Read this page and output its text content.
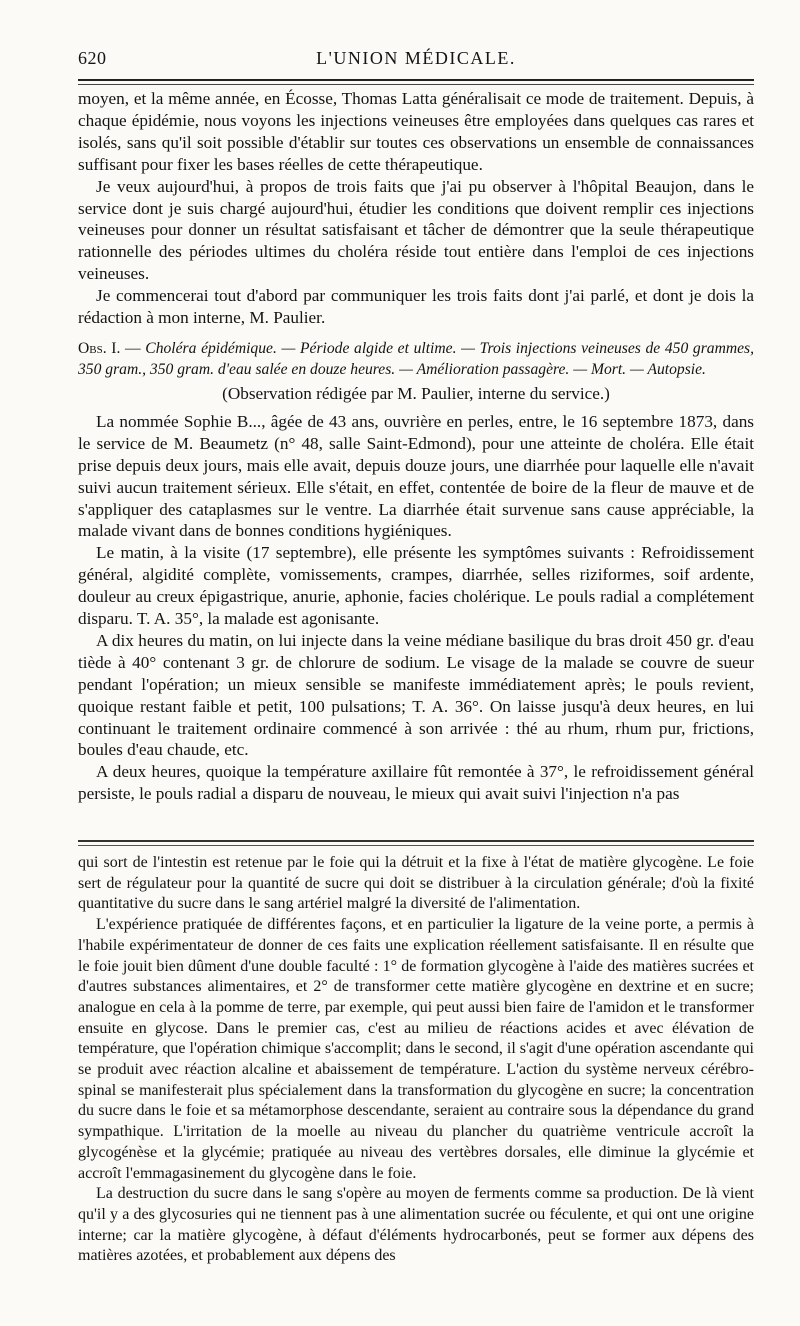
620	L'UNION MÉDICALE.

moyen, et la même année, en Écosse, Thomas Latta généralisait ce mode de traitement. Depuis, à chaque épidémie, nous voyons les injections veineuses être employées dans quelques cas rares et isolés, sans qu'il soit possible d'établir sur toutes ces observations un ensemble de connaissances suffisant pour fixer les bases réelles de cette thérapeutique.

Je veux aujourd'hui, à propos de trois faits que j'ai pu observer à l'hôpital Beaujon, dans le service dont je suis chargé aujourd'hui, étudier les conditions que doivent remplir ces injections veineuses pour donner un résultat satisfaisant et tâcher de démontrer que la seule thérapeutique rationnelle des périodes ultimes du choléra réside tout entière dans l'emploi de ces injections veineuses.

Je commencerai tout d'abord par communiquer les trois faits dont j'ai parlé, et dont je dois la rédaction à mon interne, M. Paulier.

Obs. I. — Choléra épidémique. — Période algide et ultime. — Trois injections veineuses de 450 grammes, 350 gram., 350 gram. d'eau salée en douze heures. — Amélioration passagère. — Mort. — Autopsie.

(Observation rédigée par M. Paulier, interne du service.)

La nommée Sophie B..., âgée de 43 ans, ouvrière en perles, entre, le 16 septembre 1873, dans le service de M. Beaumetz (n° 48, salle Saint-Edmond), pour une atteinte de choléra. Elle était prise depuis deux jours, mais elle avait, depuis douze jours, une diarrhée pour laquelle elle n'avait suivi aucun traitement sérieux. Elle s'était, en effet, contentée de boire de la fleur de mauve et de s'appliquer des cataplasmes sur le ventre. La diarrhée était survenue sans cause appréciable, la malade vivant dans de bonnes conditions hygiéniques.

Le matin, à la visite (17 septembre), elle présente les symptômes suivants : Refroidissement général, algidité complète, vomissements, crampes, diarrhée, selles riziformes, soif ardente, douleur au creux épigastrique, anurie, aphonie, facies cholérique. Le pouls radial a complétement disparu. T. A. 35°, la malade est agonisante.

A dix heures du matin, on lui injecte dans la veine médiane basilique du bras droit 450 gr. d'eau tiède à 40° contenant 3 gr. de chlorure de sodium. Le visage de la malade se couvre de sueur pendant l'opération; un mieux sensible se manifeste immédiatement après; le pouls revient, quoique restant faible et petit, 100 pulsations; T. A. 36°. On laisse jusqu'à deux heures, en lui continuant le traitement ordinaire commencé à son arrivée : thé au rhum, rhum pur, frictions, boules d'eau chaude, etc.

A deux heures, quoique la température axillaire fût remontée à 37°, le refroidissement général persiste, le pouls radial a disparu de nouveau, le mieux qui avait suivi l'injection n'a pas

qui sort de l'intestin est retenue par le foie qui la détruit et la fixe à l'état de matière glycogène. Le foie sert de régulateur pour la quantité de sucre qui doit se distribuer à la circulation générale; d'où la fixité quantitative du sucre dans le sang artériel malgré la diversité de l'alimentation.

L'expérience pratiquée de différentes façons, et en particulier la ligature de la veine porte, a permis à l'habile expérimentateur de donner de ces faits une explication réellement satisfaisante. Il en résulte que le foie jouit bien dûment d'une double faculté : 1° de formation glycogène à l'aide des matières sucrées et d'autres substances alimentaires, et 2° de transformer cette matière glycogène en dextrine et en sucre; analogue en cela à la pomme de terre, par exemple, qui peut aussi bien faire de l'amidon et le transformer ensuite en glycose. Dans le premier cas, c'est au milieu de réactions acides et avec élévation de température, que l'opération chimique s'accomplit; dans le second, il s'agit d'une opération ascendante qui se produit avec réaction alcaline et abaissement de température. L'action du système nerveux cérébro-spinal se manifesterait plus spécialement dans la transformation du glycogène en sucre; la concentration du sucre dans le foie et sa métamorphose descendante, seraient au contraire sous la dépendance du grand sympathique. L'irritation de la moelle au niveau du plancher du quatrième ventricule accroît la glycogénèse et la glycémie; pratiquée au niveau des vertèbres dorsales, elle diminue la glycémie et accroît l'emmagasinement du glycogène dans le foie.

La destruction du sucre dans le sang s'opère au moyen de ferments comme sa production. De là vient qu'il y a des glycosuries qui ne tiennent pas à une alimentation sucrée ou féculente, et qui ont une origine interne; car la matière glycogène, à défaut d'éléments hydrocarbonés, peut se former aux dépens des matières azotées, et probablement aux dépens des
